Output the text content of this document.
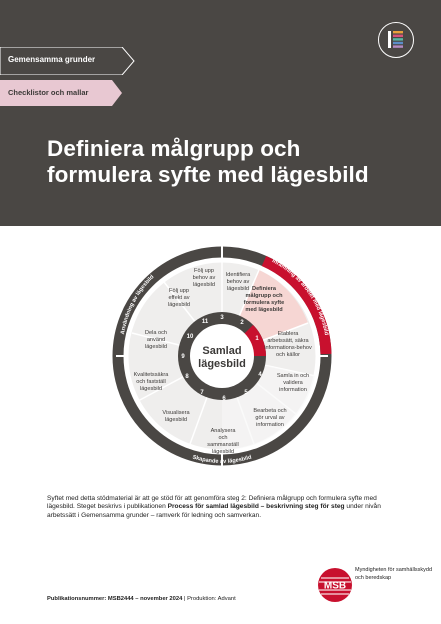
Gemensamma grunder
Checklistor och mallar
Definiera målgrupp och
formulera syfte med lägesbild
Samlad
lägesbild
1
2
3
4
5
6
7
8
9
10
11
Behov av lägesbild
Inramning av arbetet med lägesbild
Skapande av lägesbild
Användning av lägesbild
Etablera arbetssätt, säkra informations-behov och källor
Definiera målgrupp och formulera syfte med lägesbild
Identifiera behov av lägesbild
Samla in och validera information
Bearbeta och gör urval av information
Analysera och sammanställ lägesbild
Visualisera lägesbild
Kvalitetssäkra och fastställ lägesbild
Dela och använd lägesbild
Följ upp effekt av lägesbild
Följ upp behov av lägesbild
Syftet med detta stödmaterial är att ge stöd för att genomföra steg 2: Definiera målgrupp och formulera syfte med lägesbild. Steget beskrivs i publikationen Process för samlad lägesbild – beskrivning steg för steg under nivån arbetssätt i Gemensamma grunder – ramverk för ledning och samverkan.
Publikationsnummer: MSB2444 – november 2024 | Produktion: Advant
MSB
Myndigheten för samhällsskydd och beredskap
